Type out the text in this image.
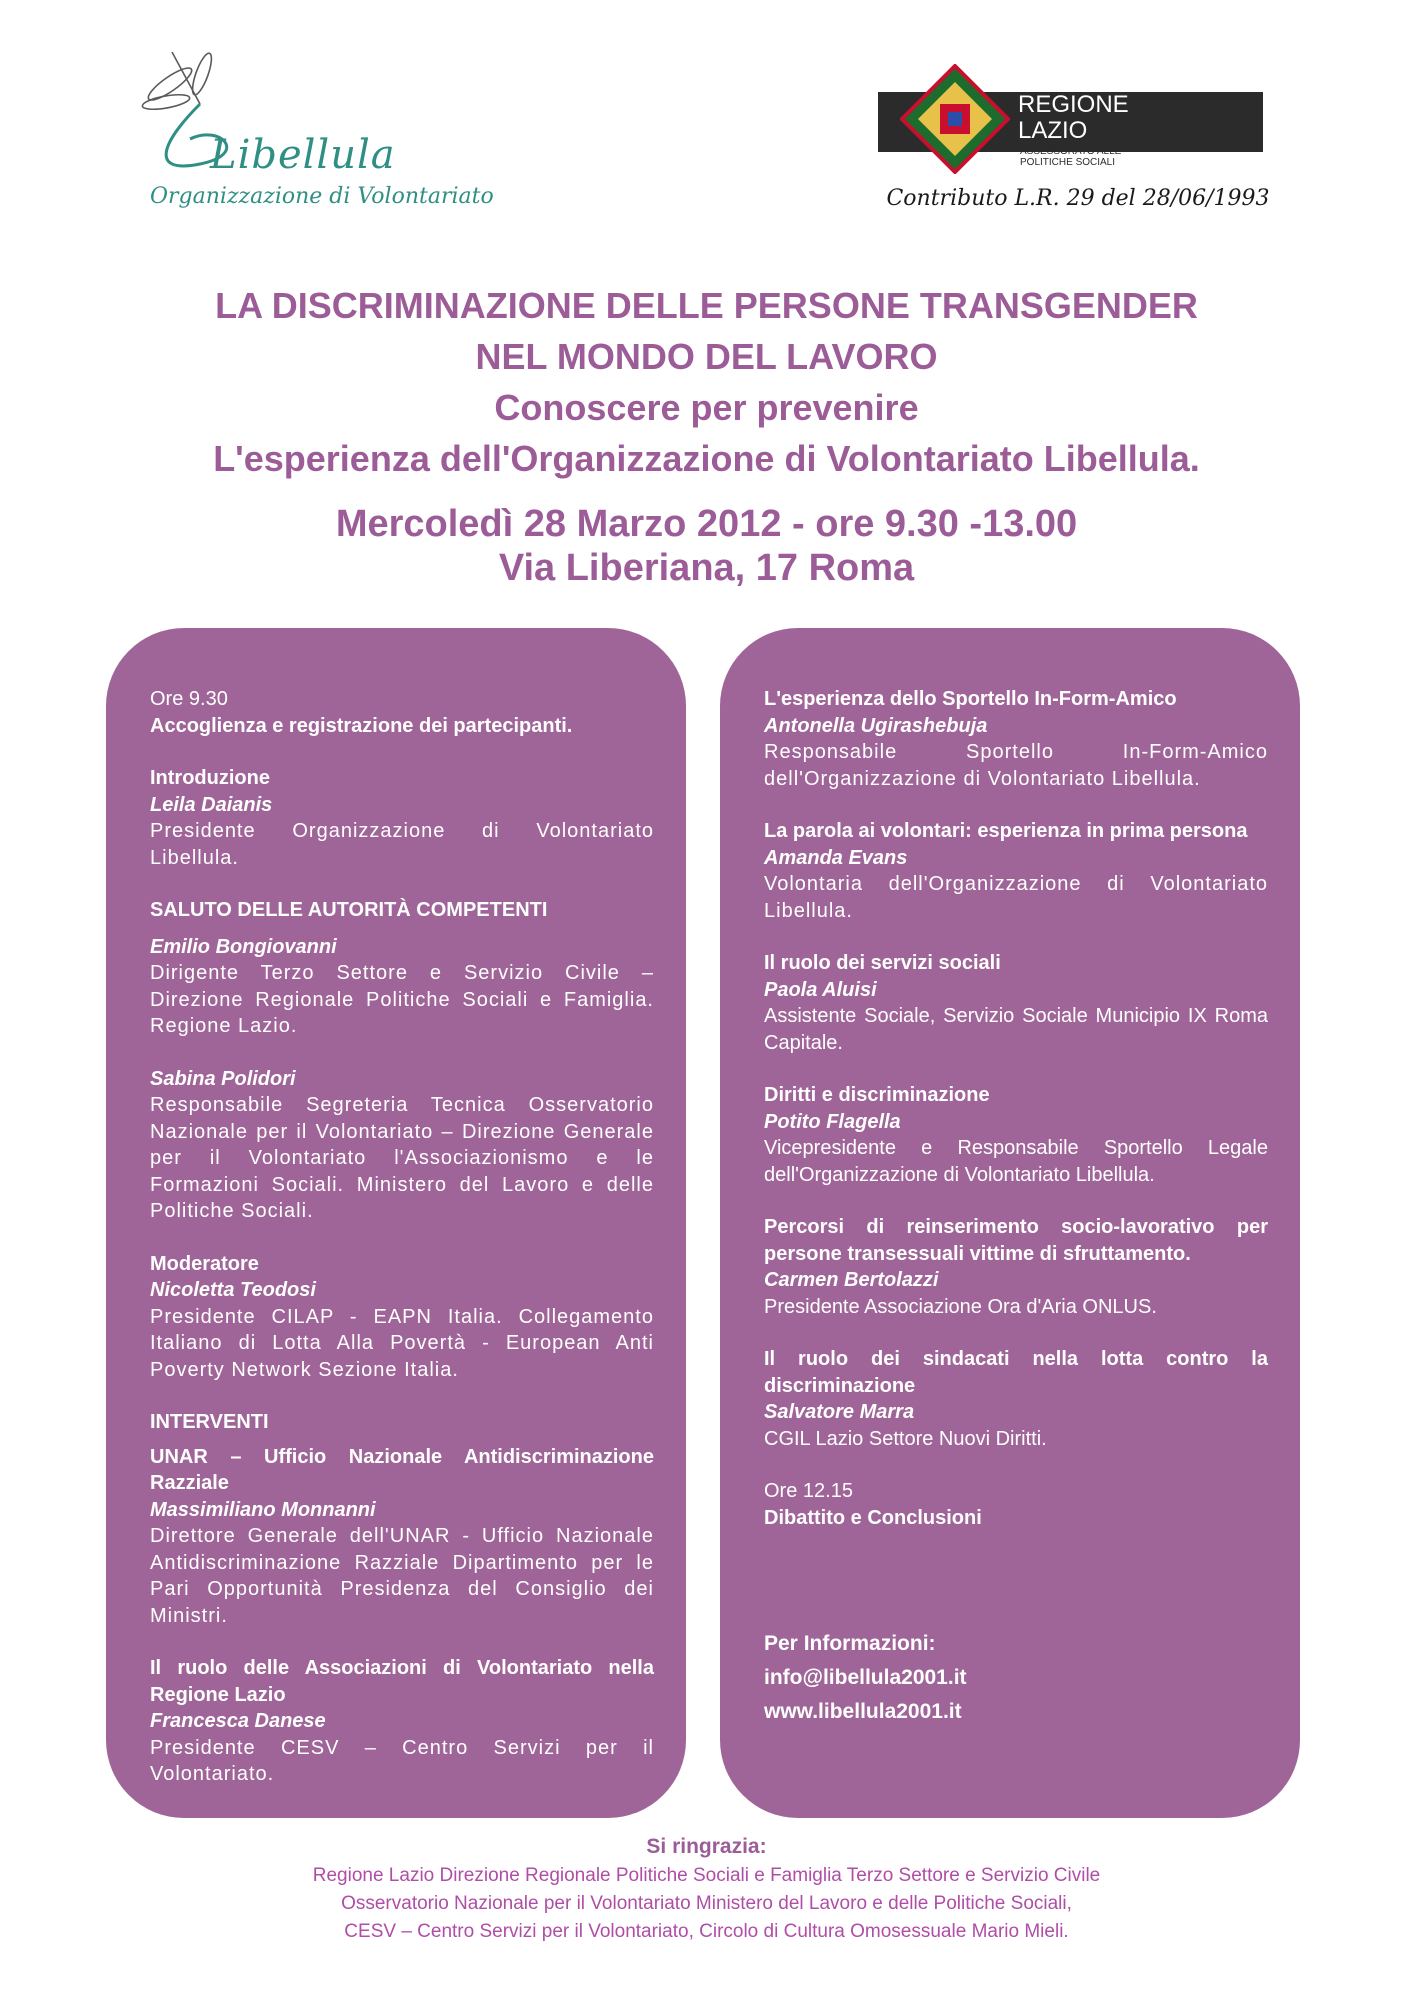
Libellula
Organizzazione di Volontariato
REGIONE
LAZIO
ASSESSORATO ALLE
POLITICHE SOCIALI
Contributo L.R. 29 del 28/06/1993
LA DISCRIMINAZIONE DELLE PERSONE TRANSGENDER
NEL MONDO DEL LAVORO
Conoscere per prevenire
L'esperienza dell'Organizzazione di Volontariato Libellula.
Mercoledì 28 Marzo 2012 - ore 9.30 -13.00
Via Liberiana, 17 Roma
Ore 9.30
Accoglienza e registrazione dei partecipanti.
Introduzione
Leila Daianis
Presidente Organizzazione di Volontariato Libellula.
SALUTO DELLE AUTORITÀ COMPETENTI
Emilio Bongiovanni
Dirigente Terzo Settore e Servizio Civile – Direzione Regionale Politiche Sociali e Famiglia. Regione Lazio.
Sabina Polidori
Responsabile Segreteria Tecnica Osservatorio Nazionale per il Volontariato – Direzione Generale per il Volontariato l'Associazionismo e le Formazioni Sociali. Ministero del Lavoro e delle Politiche Sociali.
Moderatore
Nicoletta Teodosi
Presidente CILAP - EAPN Italia. Collegamento Italiano di Lotta Alla Povertà - European Anti Poverty Network Sezione Italia.
INTERVENTI
UNAR – Ufficio Nazionale Antidiscriminazione Razziale
Massimiliano Monnanni
Direttore Generale dell'UNAR - Ufficio Nazionale Antidiscriminazione Razziale Dipartimento per le Pari Opportunità Presidenza del Consiglio dei Ministri.
Il ruolo delle Associazioni di Volontariato nella Regione Lazio
Francesca Danese
Presidente CESV – Centro Servizi per il Volontariato.
L'esperienza dello Sportello In-Form-Amico
Antonella Ugirashebuja
Responsabile Sportello In-Form-Amico dell'Organizzazione di Volontariato Libellula.
La parola ai volontari: esperienza in prima persona
Amanda Evans
Volontaria dell'Organizzazione di Volontariato Libellula.
Il ruolo dei servizi sociali
Paola Aluisi
Assistente Sociale, Servizio Sociale Municipio IX Roma Capitale.
Diritti e discriminazione
Potito Flagella
Vicepresidente e Responsabile Sportello Legale dell'Organizzazione di Volontariato Libellula.
Percorsi di reinserimento socio-lavorativo per persone transessuali vittime di sfruttamento.
Carmen Bertolazzi
Presidente Associazione Ora d'Aria ONLUS.
Il ruolo dei sindacati nella lotta contro la discriminazione
Salvatore Marra
CGIL Lazio Settore Nuovi Diritti.
Ore 12.15
Dibattito e Conclusioni
Per Informazioni:
info@libellula2001.it
www.libellula2001.it
Si ringrazia:
Regione Lazio Direzione Regionale Politiche Sociali e Famiglia Terzo Settore e Servizio Civile
Osservatorio Nazionale per il Volontariato Ministero del Lavoro e delle Politiche Sociali,
CESV – Centro Servizi per il Volontariato, Circolo di Cultura Omosessuale Mario Mieli.
